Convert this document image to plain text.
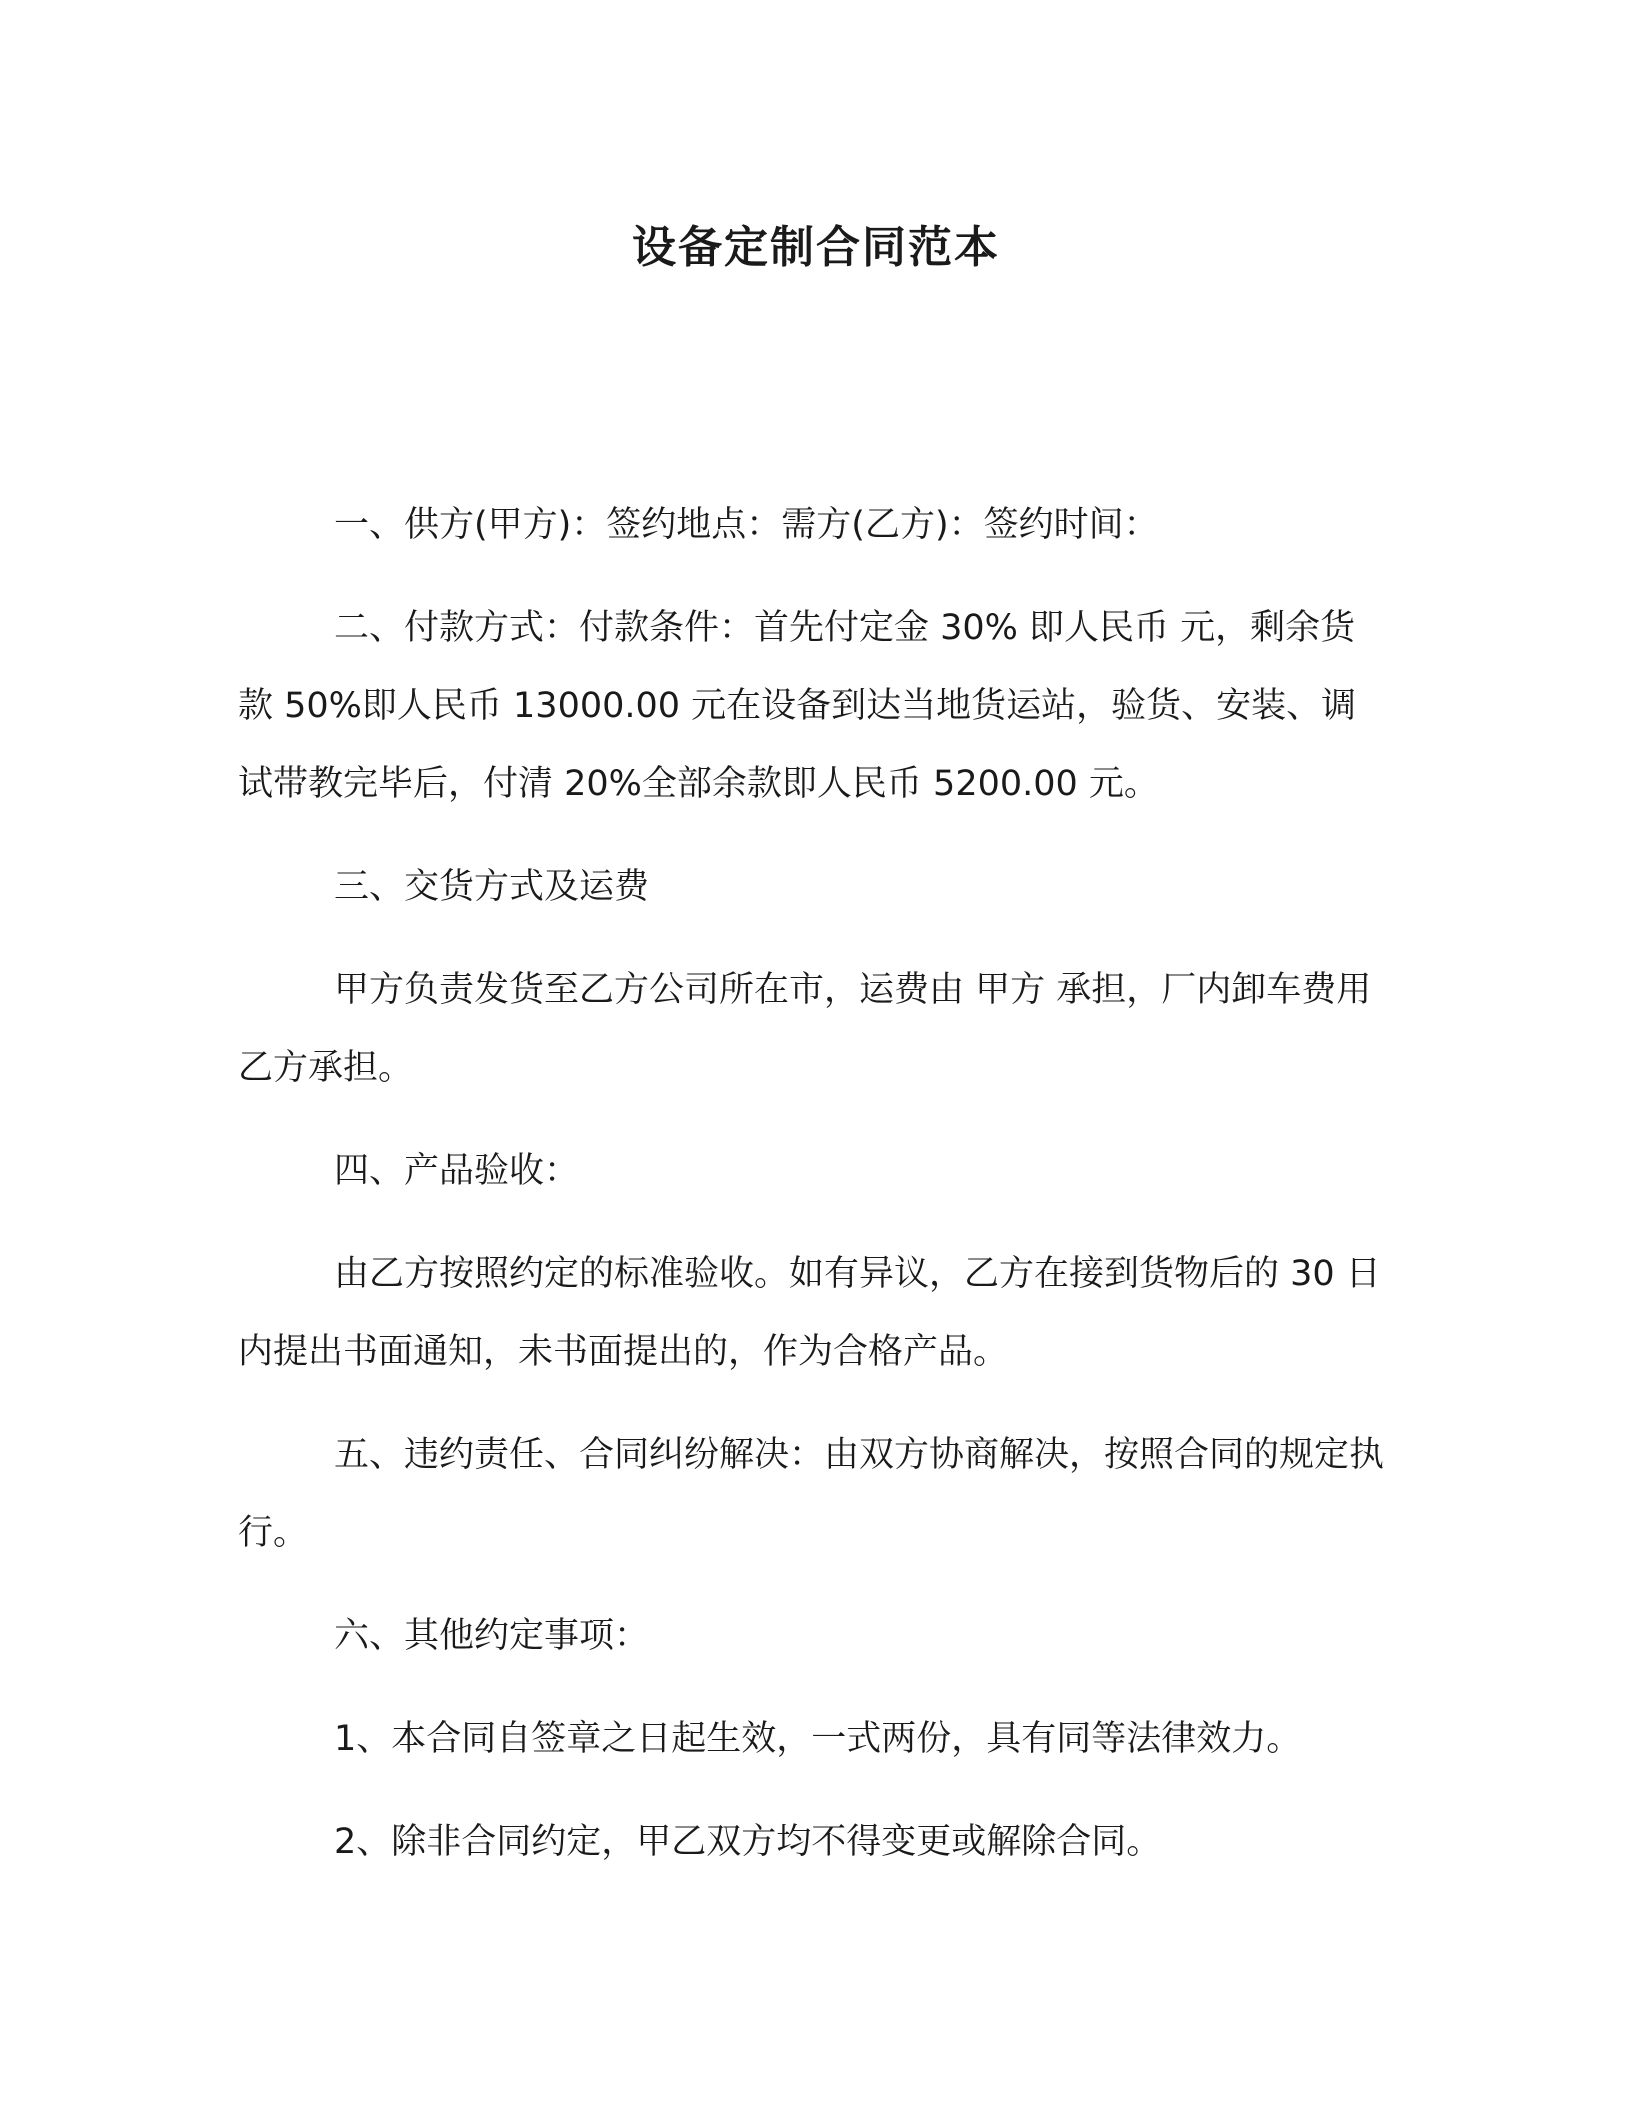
设备定制合同范本

一、供方(甲方)：签约地点：需方(乙方)：签约时间：

二、付款方式：付款条件：首先付定金 30% 即人民币 元，剩余货款 50%即人民币 13000.00 元在设备到达当地货运站，验货、安装、调试带教完毕后，付清 20%全部余款即人民币 5200.00 元。

三、交货方式及运费

甲方负责发货至乙方公司所在市，运费由 甲方 承担，厂内卸车费用乙方承担。

四、产品验收：

由乙方按照约定的标准验收。如有异议，乙方在接到货物后的 30 日内提出书面通知，未书面提出的，作为合格产品。

五、违约责任、合同纠纷解决：由双方协商解决，按照合同的规定执行。

六、其他约定事项：

1、本合同自签章之日起生效，一式两份，具有同等法律效力。

2、除非合同约定，甲乙双方均不得变更或解除合同。
